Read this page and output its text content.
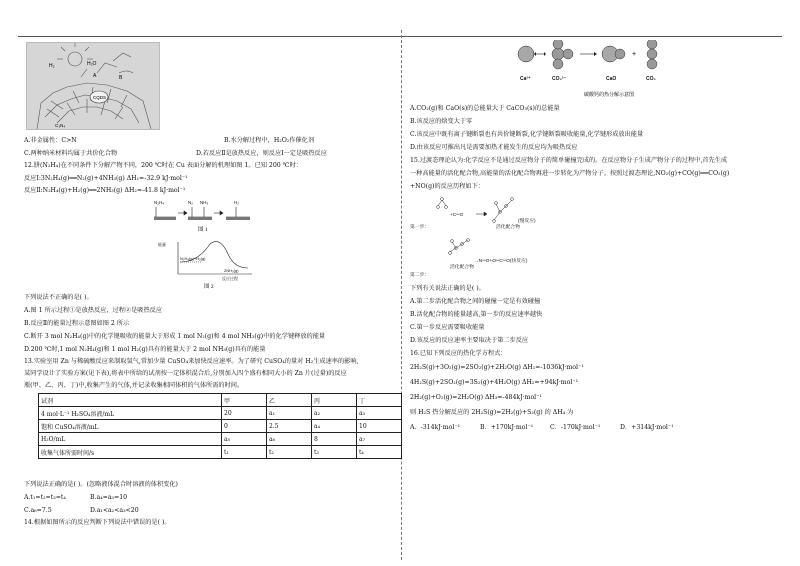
CQDS
H₂	H₂O
A	B
C₃N₄

A.非金属性：C>N	B.水分解过程中，H₂O₂作催化剂

C.两种纳米材料均属于共价化合物	D.若反应Ⅱ是放热反应，则反应Ⅰ一定是吸热反应

12.肼(N₂H₄)在不同条件下分解产物不同，200 ℃时在 Cu 表面分解的机理如图 1。已知 200 ℃时：

反应Ⅰ:3N₂H₄(g)══N₂(g)+4NH₃(g) ΔH₁=-32.9 kJ·mol⁻¹

反应Ⅱ:N₂H₄(g)+H₂(g)══2NH₃(g) ΔH₂=-41.8 kJ·mol⁻¹

N₂H₄	N₂ NH₃	H₂
图 1
能量
N₂H₄(g)+H₂(g)
2NH₃(g)
反应过程
图 2

下列说法不正确的是( )。

A.图 1 所示过程①是放热反应，过程②是吸热反应

B.反应Ⅱ的能量过程示意图如图 2 所示

C.断开 3 mol N₂H₄(g)中的化学键吸收的能量大于形成 1 mol N₂(g)和 4 mol NH₃(g)中的化学键释放的能量

D.200 ℃时,1 mol N₂H₄(g)和 1 mol H₂(g)具有的能量大于 2 mol NH₃(g)具有的能量

13.实验室用 Zn 与稀硫酸反应来制取氢气,常加少量 CuSO₄来加快反应速率。为了研究 CuSO₄的量对 H₂生成速率的影响,

某同学设计了实验方案(见下表),将表中所给的试剂按一定体积混合后,分别加入四个盛有相同大小的 Zn 片(过量)的反应

瓶(甲、乙、丙、丁)中,收集产生的气体,并记录收集相同体积的气体所需的时间。

试剂	甲	乙	丙	丁
4 mol·L⁻¹ H₂SO₄溶液/mL	20	a₁	a₂	a₃
饱和 CuSO₄溶液/mL	0	2.5	a₄	10
H₂O/mL	a₅	a₆	8	a₇
收集气体所需时间/s	t₁	t₂	t₃	t₄

下列说法正确的是( )。(忽略液体混合时溶液的体积变化)

A.t₁=t₂=t₃=t₄	B.a₄=a₅=10

C.a₆=7.5	D.a₁<a₂<a₃<20

14.根据如图所示的反应判断下列说法中错误的是( )。

+
Ca²⁺	CO₃²⁻	CaO	CO₂
碳酸钙的热分解示意图

A.CO₂(g)和 CaO(s)的总能量大于 CaCO₃(s)的总能量

B.该反应的焓变大于零

C.该反应中既有离子键断裂也有共价键断裂,化学键断裂吸收能量,化学键形成放出能量

D.由该反应可推出凡是需要加热才能发生的反应均为吸热反应

15.过渡态理论认为:化学反应不是通过反应物分子的简单碰撞完成的。在反应物分子生成产物分子的过程中,首先生成

一种高能量的活化配合物,高能量的活化配合物再进一步转化为产物分子。按照过渡态理论,NO₂(g)+CO(g)══CO₂(g)

+NO(g)的反应历程如下：

第一步：
+C═O
活化配合物
(慢反应)
第二步：
活化配合物
→N═O+O═C═O(快反应)

下列有关说法正确的是( )。

A.第二步活化配合物之间的碰撞一定是有效碰撞

B.活化配合物的能量越高,第一步的反应速率越快

C.第一步反应需要吸收能量

D.该反应的反应速率主要取决于第二步反应

16.已知下列反应的热化学方程式：

2H₂S(g)+3O₂(g)=2SO₂(g)+2H₂O(g) ΔH₁=-1036kJ·mol⁻¹

4H₂S(g)+2SO₂(g)=3S₂(g)+4H₂O(g) ΔH₂=+94kJ·mol⁻¹

2H₂(g)+O₂(g)=2H₂O(g) ΔH₃=-484kJ·mol⁻¹

则 H₂S 热分解反应的 2H₂S(g)=2H₂(g)+S₂(g) 的 ΔH₄ 为

A．-314kJ·mol⁻¹	B．+170kJ·mol⁻¹	C．-170kJ·mol⁻¹	D．+314kJ·mol⁻¹
